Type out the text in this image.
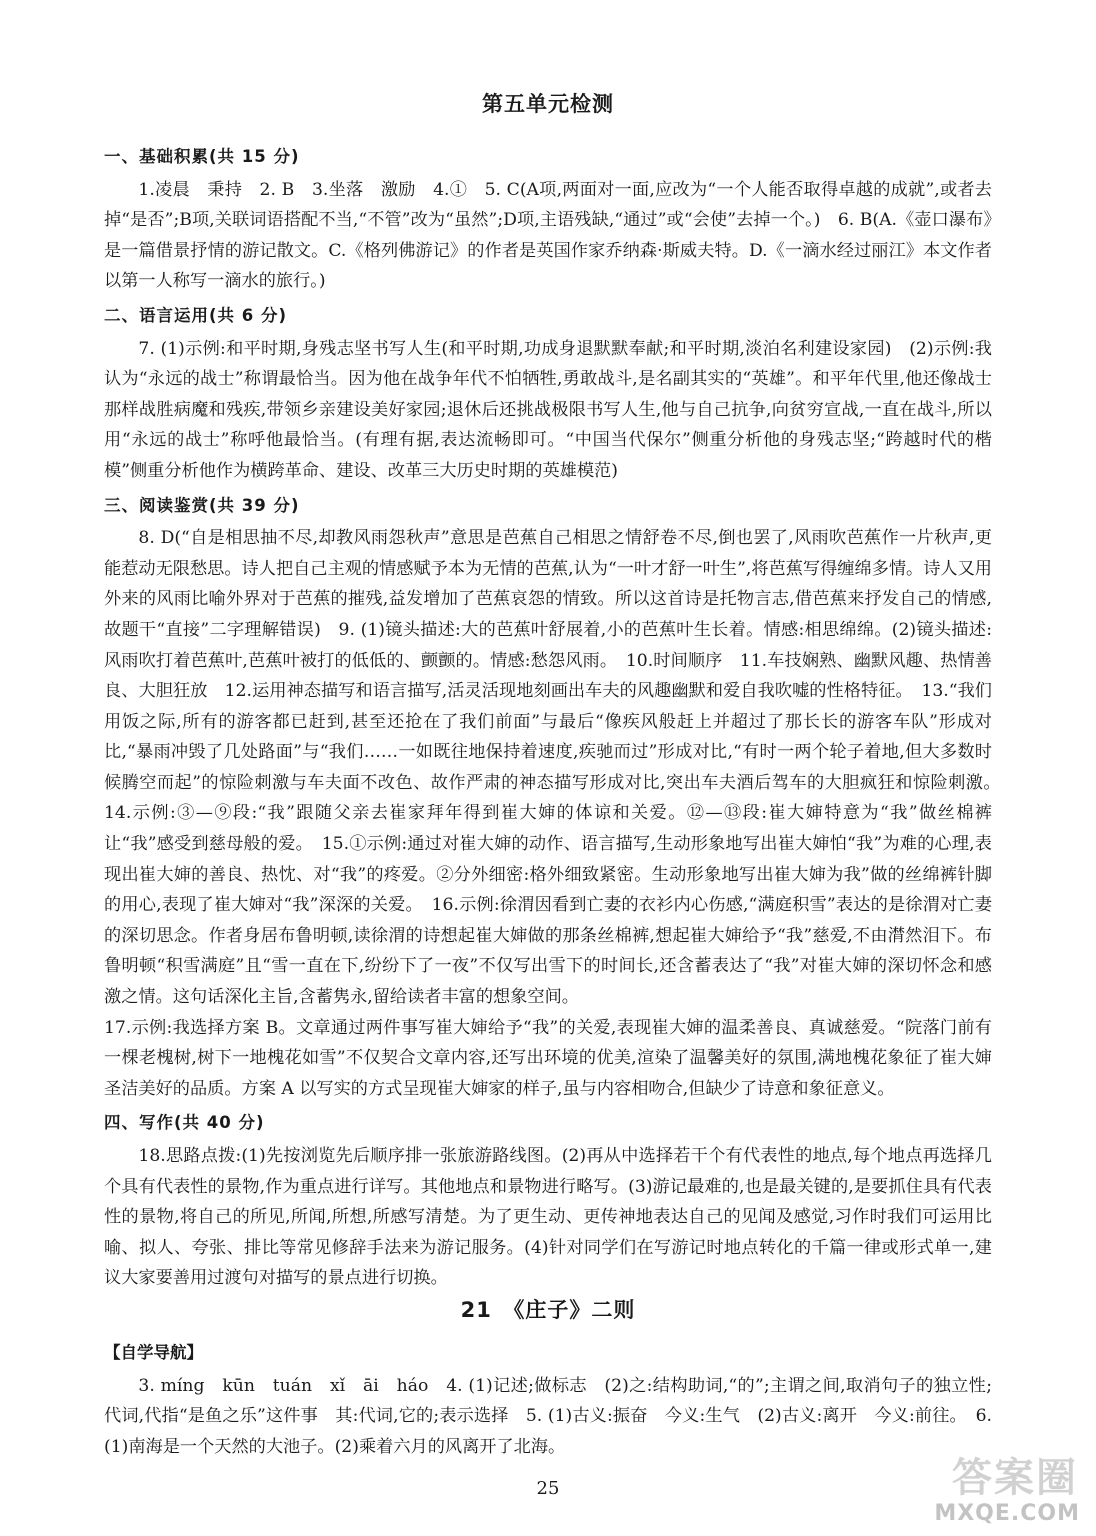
第五单元检测
一、基础积累(共 15 分)

1.凌晨　秉持　2. B　3.坐落　激励　4.①　5. C(A项,两面对一面,应改为“一个人能否取得卓越的成就”,或者去掉“是否”;B项,关联词语搭配不当,“不管”改为“虽然”;D项,主语残缺,“通过”或“会使”去掉一个。)　6. B(A.《壶口瀑布》是一篇借景抒情的游记散文。C.《格列佛游记》的作者是英国作家乔纳森·斯威夫特。D.《一滴水经过丽江》本文作者以第一人称写一滴水的旅行。)

二、语言运用(共 6 分)

7. (1)示例:和平时期,身残志坚书写人生(和平时期,功成身退默默奉献;和平时期,淡泊名利建设家园)　(2)示例:我认为“永远的战士”称谓最恰当。因为他在战争年代不怕牺牲,勇敢战斗,是名副其实的“英雄”。和平年代里,他还像战士那样战胜病魔和残疾,带领乡亲建设美好家园;退休后还挑战极限书写人生,他与自己抗争,向贫穷宣战,一直在战斗,所以用“永远的战士”称呼他最恰当。(有理有据,表达流畅即可。“中国当代保尔”侧重分析他的身残志坚;“跨越时代的楷模”侧重分析他作为横跨革命、建设、改革三大历史时期的英雄模范)

三、阅读鉴赏(共 39 分)

8. D(“自是相思抽不尽,却教风雨怨秋声”意思是芭蕉自己相思之情舒卷不尽,倒也罢了,风雨吹芭蕉作一片秋声,更能惹动无限愁思。诗人把自己主观的情感赋予本为无情的芭蕉,认为“一叶才舒一叶生”,将芭蕉写得缠绵多情。诗人又用外来的风雨比喻外界对于芭蕉的摧残,益发增加了芭蕉哀怨的情致。所以这首诗是托物言志,借芭蕉来抒发自己的情感,故题干“直接”二字理解错误)　9. (1)镜头描述:大的芭蕉叶舒展着,小的芭蕉叶生长着。情感:相思绵绵。(2)镜头描述:风雨吹打着芭蕉叶,芭蕉叶被打的低低的、颤颤的。情感:愁怨风雨。　10.时间顺序　11.车技娴熟、幽默风趣、热情善良、大胆狂放　12.运用神态描写和语言描写,活灵活现地刻画出车夫的风趣幽默和爱自我吹嘘的性格特征。　13.“我们用饭之际,所有的游客都已赶到,甚至还抢在了我们前面”与最后“像疾风般赶上并超过了那长长的游客车队”形成对比,“暴雨冲毁了几处路面”与“我们……一如既往地保持着速度,疾驰而过”形成对比,“有时一两个轮子着地,但大多数时候腾空而起”的惊险刺激与车夫面不改色、故作严肃的神态描写形成对比,突出车夫酒后驾车的大胆疯狂和惊险刺激。　14.示例:③—⑨段:“我”跟随父亲去崔家拜年得到崔大婶的体谅和关爱。⑫—⑬段:崔大婶特意为“我”做丝棉裤让“我”感受到慈母般的爱。　15.①示例:通过对崔大婶的动作、语言描写,生动形象地写出崔大婶怕“我”为难的心理,表现出崔大婶的善良、热忱、对“我”的疼爱。②分外细密:格外细致紧密。生动形象地写出崔大婶为我”做的丝绵裤针脚的用心,表现了崔大婶对“我”深深的关爱。　16.示例:徐渭因看到亡妻的衣衫内心伤感,“满庭积雪”表达的是徐渭对亡妻的深切思念。作者身居布鲁明顿,读徐渭的诗想起崔大婶做的那条丝棉裤,想起崔大婶给予“我”慈爱,不由潸然泪下。布鲁明顿“积雪满庭”且“雪一直在下,纷纷下了一夜”不仅写出雪下的时间长,还含蓄表达了“我”对崔大婶的深切怀念和感激之情。这句话深化主旨,含蓄隽永,留给读者丰富的想象空间。

17.示例:我选择方案 B。文章通过两件事写崔大婶给予“我”的关爱,表现崔大婶的温柔善良、真诚慈爱。“院落门前有一棵老槐树,树下一地槐花如雪”不仅契合文章内容,还写出环境的优美,渲染了温馨美好的氛围,满地槐花象征了崔大婶圣洁美好的品质。方案 A 以写实的方式呈现崔大婶家的样子,虽与内容相吻合,但缺少了诗意和象征意义。

四、写作(共 40 分)

18.思路点拨:(1)先按浏览先后顺序排一张旅游路线图。(2)再从中选择若干个有代表性的地点,每个地点再选择几个具有代表性的景物,作为重点进行详写。其他地点和景物进行略写。(3)游记最难的,也是最关键的,是要抓住具有代表性的景物,将自己的所见,所闻,所想,所感写清楚。为了更生动、更传神地表达自己的见闻及感觉,习作时我们可运用比喻、拟人、夸张、排比等常见修辞手法来为游记服务。(4)针对同学们在写游记时地点转化的千篇一律或形式单一,建议大家要善用过渡句对描写的景点进行切换。

21　《庄子》二则
【自学导航】

3. míng　kūn　tuán　xǐ　āi　háo　4. (1)记述;做标志　(2)之:结构助词,“的”;主谓之间,取消句子的独立性;代词,代指“是鱼之乐”这件事　其:代词,它的;表示选择　5. (1)古义:振奋　今义:生气　(2)古义:离开　今义:前往。　6. (1)南海是一个天然的大池子。(2)乘着六月的风离开了北海。

25	答案圈
MXQE.COM
